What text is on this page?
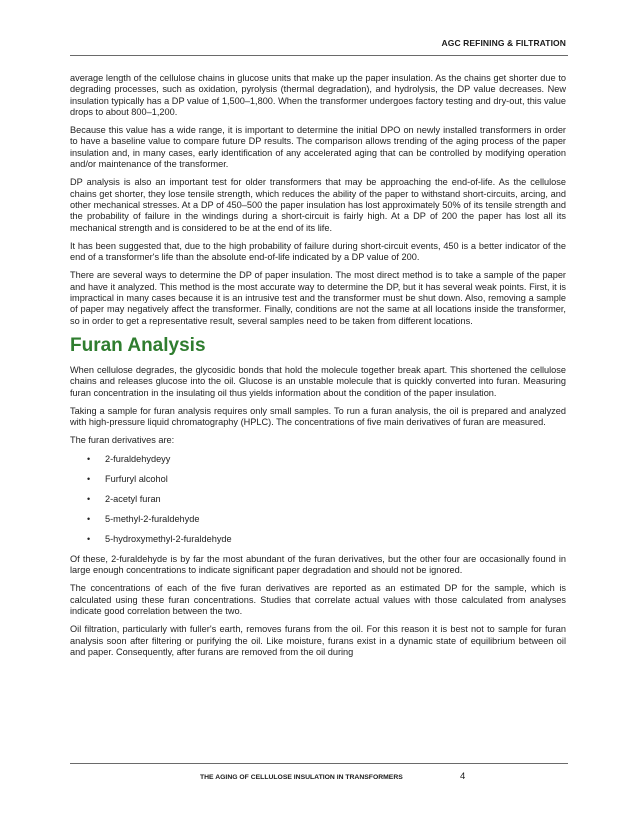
AGC REFINING & FILTRATION

average length of the cellulose chains in glucose units that make up the paper insulation. As the chains get shorter due to degrading processes, such as oxidation, pyrolysis (thermal degradation), and hydrolysis, the DP value decreases. New insulation typically has a DP value of 1,500–1,800. When the transformer undergoes factory testing and dry-out, this value drops to about 800–1,200.

Because this value has a wide range, it is important to determine the initial DPO on newly installed transformers in order to have a baseline value to compare future DP results. The comparison allows trending of the aging process of the paper insulation and, in many cases, early identification of any accelerated aging that can be controlled by modifying operation and/or maintenance of the transformer.

DP analysis is also an important test for older transformers that may be approaching the end-of-life. As the cellulose chains get shorter, they lose tensile strength, which reduces the ability of the paper to withstand short-circuits, arcing, and other mechanical stresses. At a DP of 450–500 the paper insulation has lost approximately 50% of its tensile strength and the probability of failure in the windings during a short-circuit is fairly high. At a DP of 200 the paper has lost all its mechanical strength and is considered to be at the end of its life.

It has been suggested that, due to the high probability of failure during short-circuit events, 450 is a better indicator of the end of a transformer's life than the absolute end-of-life indicated by a DP value of 200.

There are several ways to determine the DP of paper insulation. The most direct method is to take a sample of the paper and have it analyzed. This method is the most accurate way to determine the DP, but it has several weak points. First, it is impractical in many cases because it is an intrusive test and the transformer must be shut down. Also, removing a sample of paper may negatively affect the transformer. Finally, conditions are not the same at all locations inside the transformer, so in order to get a representative result, several samples need to be taken from different locations.

Furan Analysis

When cellulose degrades, the glycosidic bonds that hold the molecule together break apart. This shortened the cellulose chains and releases glucose into the oil. Glucose is an unstable molecule that is quickly converted into furan. Measuring furan concentration in the insulating oil thus yields information about the condition of the paper insulation.

Taking a sample for furan analysis requires only small samples. To run a furan analysis, the oil is prepared and analyzed with high-pressure liquid chromatography (HPLC). The concentrations of five main derivatives of furan are measured.

The furan derivatives are:

•	2-furaldehydeyy
•	Furfuryl alcohol
•	2-acetyl furan
•	5-methyl-2-furaldehyde
•	5-hydroxymethyl-2-furaldehyde

Of these, 2-furaldehyde is by far the most abundant of the furan derivatives, but the other four are occasionally found in large enough concentrations to indicate significant paper degradation and should not be ignored.

The concentrations of each of the five furan derivatives are reported as an estimated DP for the sample, which is calculated using these furan concentrations. Studies that correlate actual values with those calculated from analyses indicate good correlation between the two.

Oil filtration, particularly with fuller's earth, removes furans from the oil. For this reason it is best not to sample for furan analysis soon after filtering or purifying the oil. Like moisture, furans exist in a dynamic state of equilibrium between oil and paper. Consequently, after furans are removed from the oil during

THE AGING OF CELLULOSE INSULATION IN TRANSFORMERS	4
